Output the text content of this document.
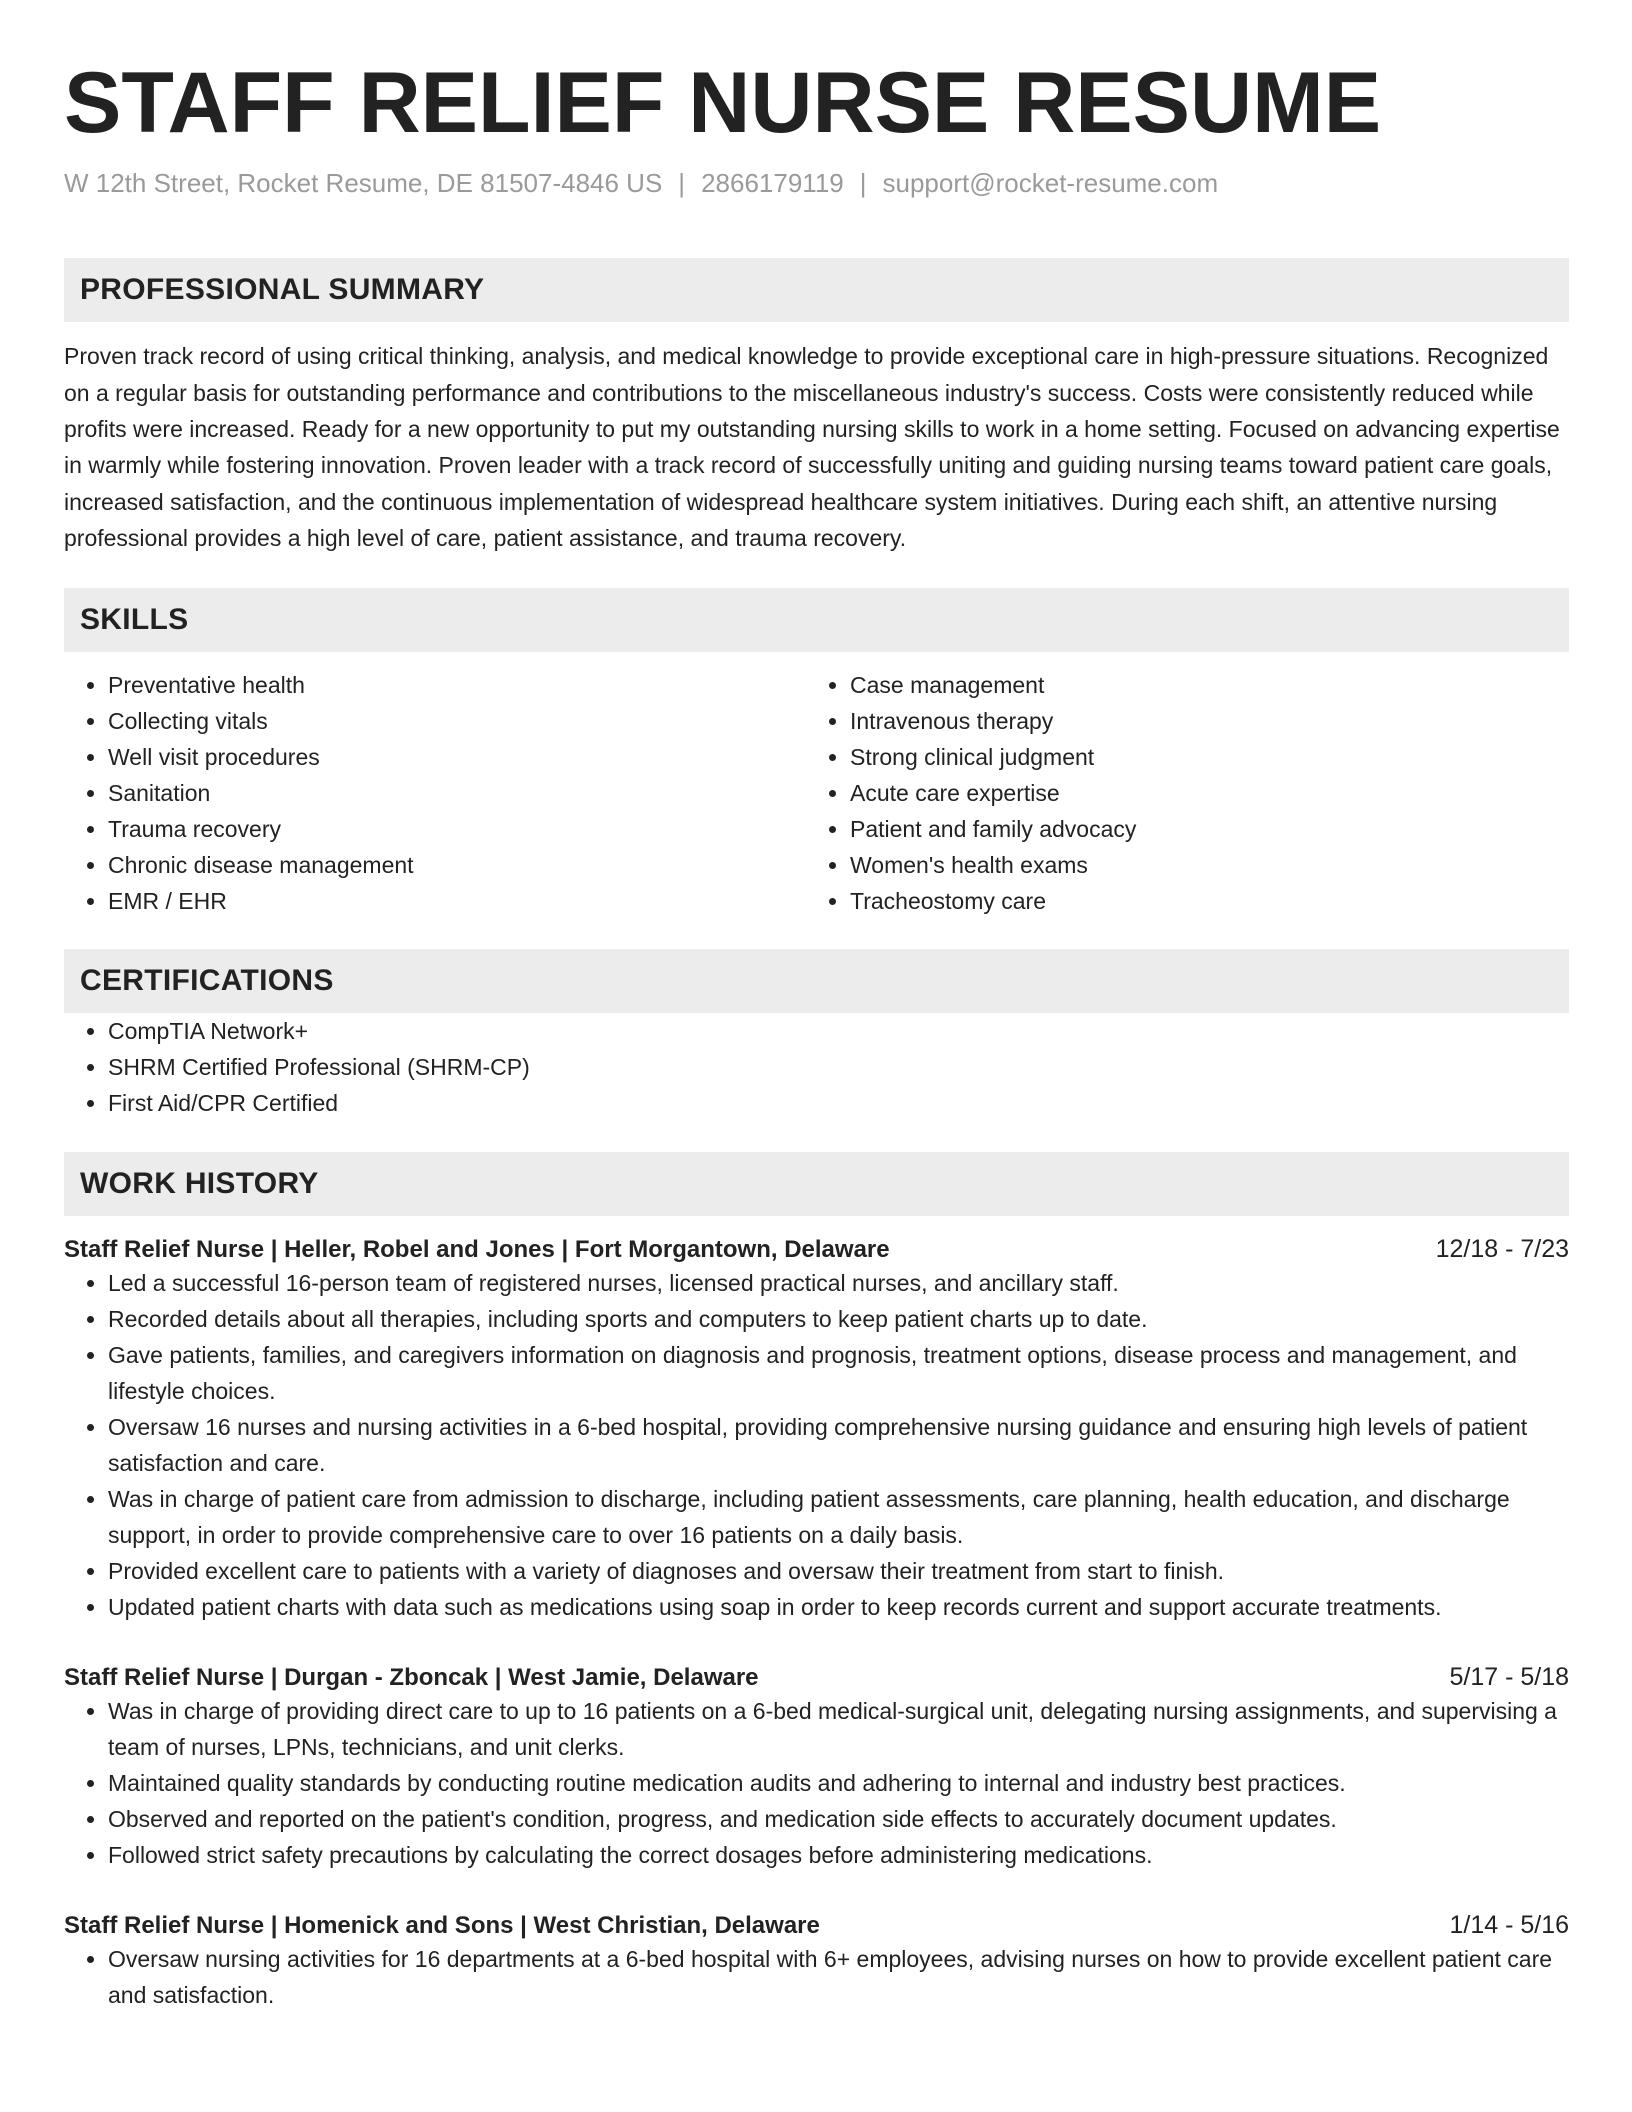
STAFF RELIEF NURSE RESUME
W 12th Street, Rocket Resume, DE 81507-4846 US | 2866179119 | support@rocket-resume.com
PROFESSIONAL SUMMARY

Proven track record of using critical thinking, analysis, and medical knowledge to provide exceptional care in high-pressure situations. Recognized on a regular basis for outstanding performance and contributions to the miscellaneous industry's success. Costs were consistently reduced while profits were increased. Ready for a new opportunity to put my outstanding nursing skills to work in a home setting. Focused on advancing expertise in warmly while fostering innovation. Proven leader with a track record of successfully uniting and guiding nursing teams toward patient care goals, increased satisfaction, and the continuous implementation of widespread healthcare system initiatives. During each shift, an attentive nursing professional provides a high level of care, patient assistance, and trauma recovery.

SKILLS
• Preventative health
• Collecting vitals
• Well visit procedures
• Sanitation
• Trauma recovery
• Chronic disease management
• EMR / EHR
• Case management
• Intravenous therapy
• Strong clinical judgment
• Acute care expertise
• Patient and family advocacy
• Women's health exams
• Tracheostomy care
CERTIFICATIONS
• CompTIA Network+
• SHRM Certified Professional (SHRM-CP)
• First Aid/CPR Certified
WORK HISTORY
Staff Relief Nurse | Heller, Robel and Jones | Fort Morgantown, Delaware	12/18 - 7/23
• Led a successful 16-person team of registered nurses, licensed practical nurses, and ancillary staff.
• Recorded details about all therapies, including sports and computers to keep patient charts up to date.
• Gave patients, families, and caregivers information on diagnosis and prognosis, treatment options, disease process and management, and lifestyle choices.
• Oversaw 16 nurses and nursing activities in a 6-bed hospital, providing comprehensive nursing guidance and ensuring high levels of patient satisfaction and care.
• Was in charge of patient care from admission to discharge, including patient assessments, care planning, health education, and discharge support, in order to provide comprehensive care to over 16 patients on a daily basis.
• Provided excellent care to patients with a variety of diagnoses and oversaw their treatment from start to finish.
• Updated patient charts with data such as medications using soap in order to keep records current and support accurate treatments.
Staff Relief Nurse | Durgan - Zboncak | West Jamie, Delaware	5/17 - 5/18
• Was in charge of providing direct care to up to 16 patients on a 6-bed medical-surgical unit, delegating nursing assignments, and supervising a team of nurses, LPNs, technicians, and unit clerks.
• Maintained quality standards by conducting routine medication audits and adhering to internal and industry best practices.
• Observed and reported on the patient's condition, progress, and medication side effects to accurately document updates.
• Followed strict safety precautions by calculating the correct dosages before administering medications.
Staff Relief Nurse | Homenick and Sons | West Christian, Delaware	1/14 - 5/16
• Oversaw nursing activities for 16 departments at a 6-bed hospital with 6+ employees, advising nurses on how to provide excellent patient care and satisfaction.
